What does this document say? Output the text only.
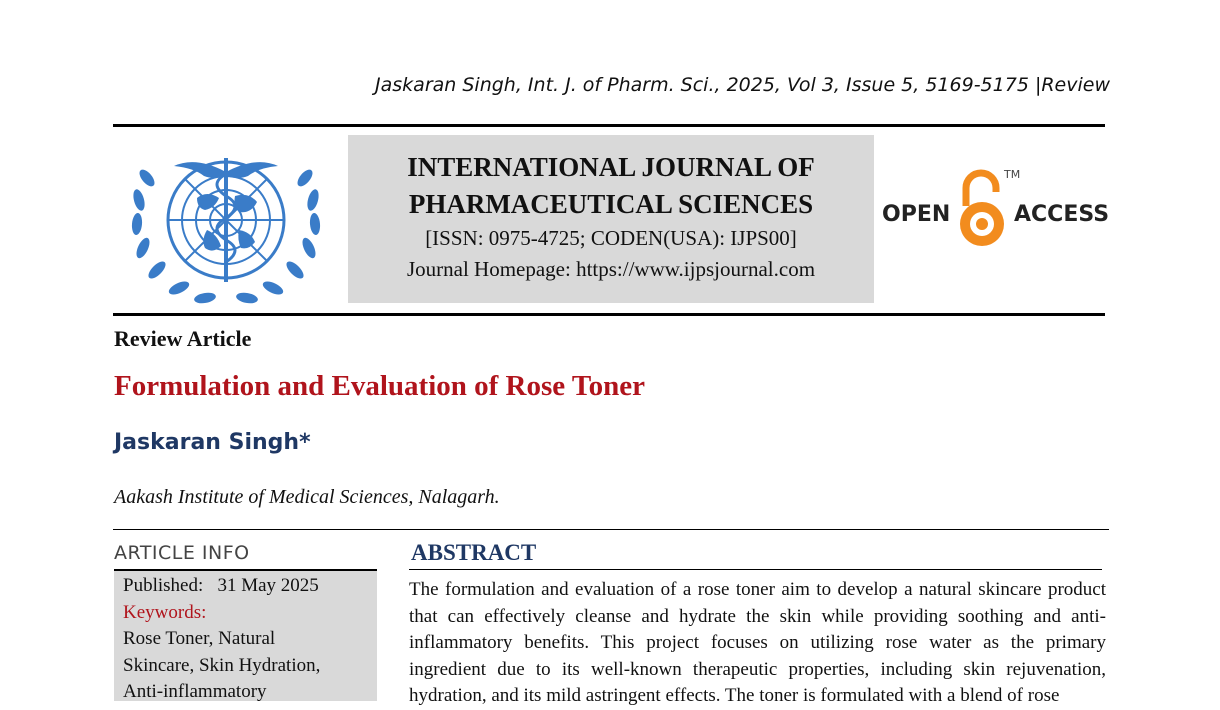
Jaskaran Singh, Int. J. of Pharm. Sci., 2025, Vol 3, Issue 5, 5169-5175 |Review
INTERNATIONAL JOURNAL OF
PHARMACEUTICAL SCIENCES
[ISSN: 0975-4725; CODEN(USA): IJPS00]
Journal Homepage: https://www.ijpsjournal.com
OPEN
TM
ACCESS
Review Article
Formulation and Evaluation of Rose Toner
Jaskaran Singh*
Aakash Institute of Medical Sciences, Nalagarh.
ARTICLE INFO
Published: 31 May 2025
Keywords:
Rose Toner, Natural Skincare, Skin Hydration, Anti-inflammatory
ABSTRACT
The formulation and evaluation of a rose toner aim to develop a natural skincare product that can effectively cleanse and hydrate the skin while providing soothing and anti-inflammatory benefits. This project focuses on utilizing rose water as the primary ingredient due to its well-known therapeutic properties, including skin rejuvenation, hydration, and its mild astringent effects. The toner is formulated with a blend of rose
